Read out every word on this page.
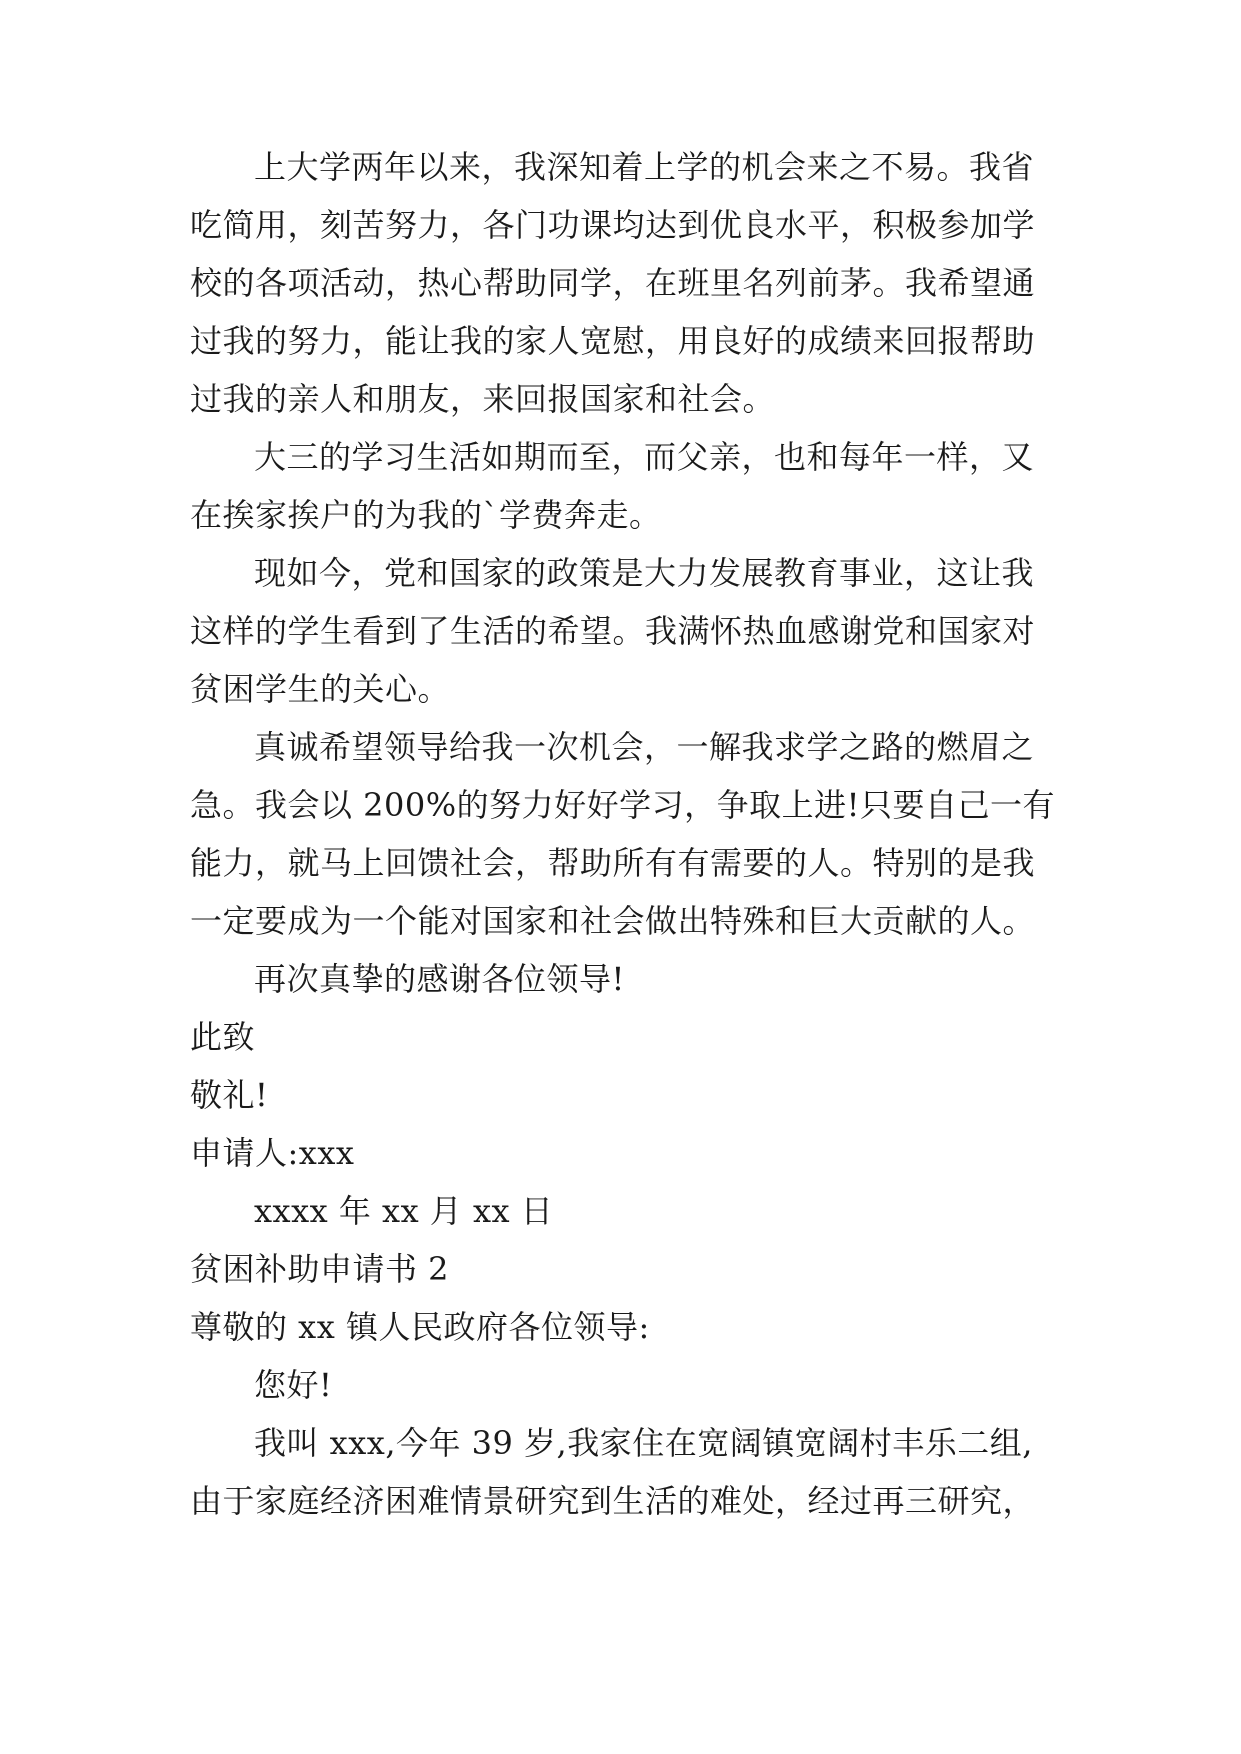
上大学两年以来，我深知着上学的机会来之不易。我省
吃简用，刻苦努力，各门功课均达到优良水平，积极参加学
校的各项活动，热心帮助同学，在班里名列前茅。我希望通
过我的努力，能让我的家人宽慰，用良好的成绩来回报帮助
过我的亲人和朋友，来回报国家和社会。
大三的学习生活如期而至，而父亲，也和每年一样，又
在挨家挨户的为我的`学费奔走。
现如今，党和国家的政策是大力发展教育事业，这让我
这样的学生看到了生活的希望。我满怀热血感谢党和国家对
贫困学生的关心。
真诚希望领导给我一次机会，一解我求学之路的燃眉之
急。我会以 200%的努力好好学习，争取上进!只要自己一有
能力，就马上回馈社会，帮助所有有需要的人。特别的是我
一定要成为一个能对国家和社会做出特殊和巨大贡献的人。
再次真挚的感谢各位领导!
此致
敬礼!
申请人:xxx
xxxx 年 xx 月 xx 日
贫困补助申请书 2
尊敬的 xx 镇人民政府各位领导:
您好!
我叫 xxx,今年 39 岁,我家住在宽阔镇宽阔村丰乐二组,
由于家庭经济困难情景研究到生活的难处，经过再三研究，
